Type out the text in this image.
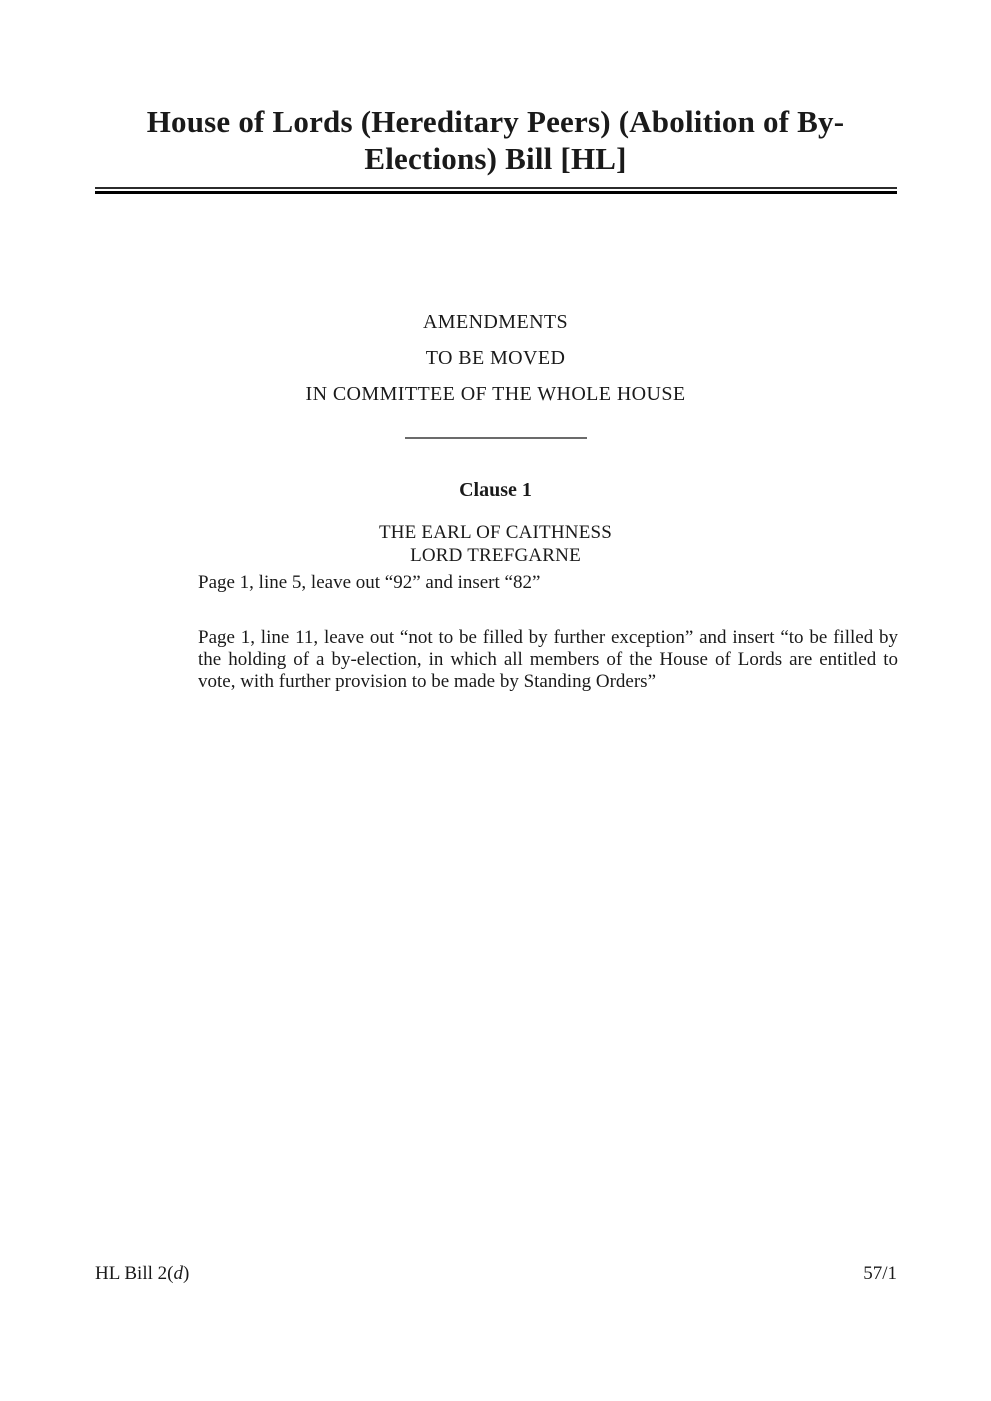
House of Lords (Hereditary Peers) (Abolition of By-Elections) Bill [HL]

AMENDMENTS

TO BE MOVED

IN COMMITTEE OF THE WHOLE HOUSE

Clause 1

THE EARL OF CAITHNESS

LORD TREFGARNE

Page 1, line 5, leave out “92” and insert “82”

Page 1, line 11, leave out “not to be filled by further exception” and insert “to be filled by the holding of a by-election, in which all members of the House of Lords are entitled to vote, with further provision to be made by Standing Orders”

HL Bill 2(d)	57/1
